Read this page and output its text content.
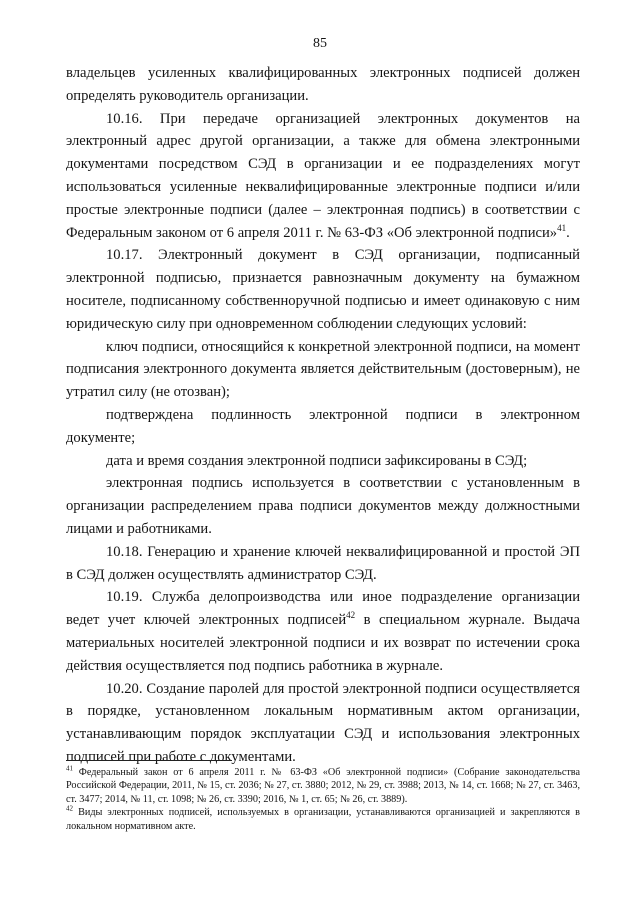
85

владельцев усиленных квалифицированных электронных подписей должен определять руководитель организации.

10.16. При передаче организацией электронных документов на электронный адрес другой организации, а также для обмена электронными документами посредством СЭД в организации и ее подразделениях могут использоваться усиленные неквалифицированные электронные подписи и/или простые электронные подписи (далее – электронная подпись) в соответствии с Федеральным законом от 6 апреля 2011 г. № 63-ФЗ «Об электронной подписи»$^{41}$.

10.17. Электронный документ в СЭД организации, подписанный электронной подписью, признается равнозначным документу на бумажном носителе, подписанному собственноручной подписью и имеет одинаковую с ним юридическую силу при одновременном соблюдении следующих условий:

ключ подписи, относящийся к конкретной электронной подписи, на момент подписания электронного документа является действительным (достоверным), не утратил силу (не отозван);

подтверждена подлинность электронной подписи в электронном документе;

дата и время создания электронной подписи зафиксированы в СЭД;

электронная подпись используется в соответствии с установленным в организации распределением права подписи документов между должностными лицами и работниками.

10.18. Генерацию и хранение ключей неквалифицированной и простой ЭП в СЭД должен осуществлять администратор СЭД.

10.19. Служба делопроизводства или иное подразделение организации ведет учет ключей электронных подписей$^{42}$ в специальном журнале. Выдача материальных носителей электронной подписи и их возврат по истечении срока действия осуществляется под подпись работника в журнале.

10.20. Создание паролей для простой электронной подписи осуществляется в порядке, установленном локальным нормативным актом организации, устанавливающим порядок эксплуатации СЭД и использования электронных подписей при работе с документами.

$^{41}$ Федеральный закон от 6 апреля 2011 г. № 63-ФЗ «Об электронной подписи» (Собрание законодательства Российской Федерации, 2011, № 15, ст. 2036; № 27, ст. 3880; 2012, № 29, ст. 3988; 2013, № 14, ст. 1668; № 27, ст. 3463, ст. 3477; 2014, № 11, ст. 1098; № 26, ст. 3390; 2016, № 1, ст. 65; № 26, ст. 3889).

$^{42}$ Виды электронных подписей, используемых в организации, устанавливаются организацией и закрепляются в локальном нормативном акте.
